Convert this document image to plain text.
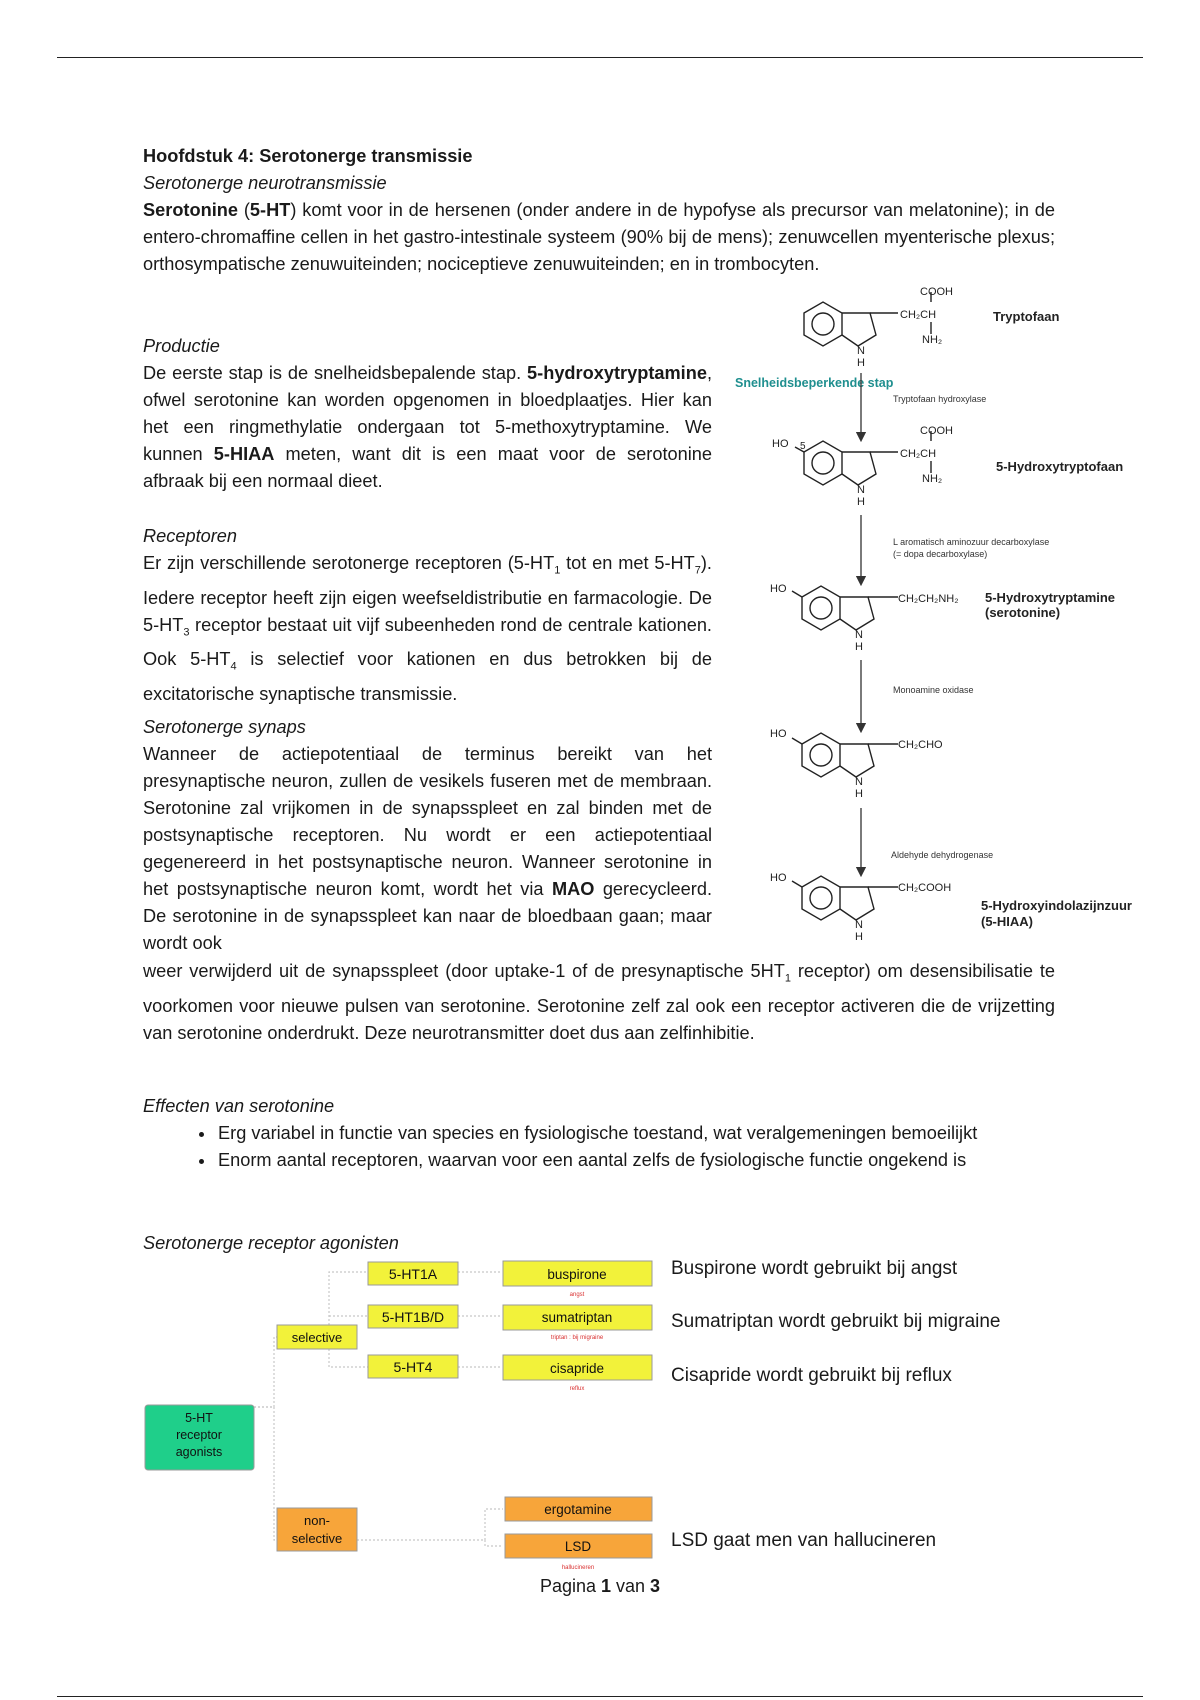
Hoofdstuk 4: Serotonerge transmissie
Serotonerge neurotransmissie
Serotonine (5-HT) komt voor in de hersenen (onder andere in de hypofyse als precursor van melatonine); in de entero-chromaffine cellen in het gastro-intestinale systeem (90% bij de mens); zenuwcellen myenterische plexus; orthosympatische zenuwuiteinden; nociceptieve zenuwuiteinden; en in trombocyten.
Productie
De eerste stap is de snelheidsbepalende stap. 5-hydroxytryptamine, ofwel serotonine kan worden opgenomen in bloedplaatjes. Hier kan het een ringmethylatie ondergaan tot 5-methoxytryptamine. We kunnen 5-HIAA meten, want dit is een maat voor de serotonine afbraak bij een normaal dieet.
Receptoren
Er zijn verschillende serotonerge receptoren ($5-HT_1$ tot en met $5-HT_7$). Iedere receptor heeft zijn eigen weefseldistributie en farmacologie. De $5-HT_3$ receptor bestaat uit vijf subeenheden rond de centrale kationen. Ook $5-HT_4$ is selectief voor kationen en dus betrokken bij de excitatorische synaptische transmissie.
Serotonerge synaps
Wanneer de actiepotentiaal de terminus bereikt van het presynaptische neuron, zullen de vesikels fuseren met de membraan. Serotonine zal vrijkomen in de synapsspleet en zal binden met de postsynaptische receptoren. Nu wordt er een actiepotentiaal gegenereerd in het postsynaptische neuron. Wanneer serotonine in het postsynaptische neuron komt, wordt het via MAO gerecycleerd. De serotonine in de synapsspleet kan naar de bloedbaan gaan; maar wordt ook
weer verwijderd uit de synapsspleet (door uptake-1 of de presynaptische $5HT_1$ receptor) om desensibilisatie te voorkomen voor nieuwe pulsen van serotonine. Serotonine zelf zal ook een receptor activeren die de vrijzetting van serotonine onderdrukt. Deze neurotransmitter doet dus aan zelfinhibitie.
Effecten van serotonine
• Erg variabel in functie van species en fysiologische toestand, wat veralgemeningen bemoeilijkt
• Enorm aantal receptoren, waarvan voor een aantal zelfs de fysiologische functie ongekend is
Serotonerge receptor agonisten
5-HT
receptor
agonists
selective
non-
selective
5-HT1A
5-HT1B/D
5-HT4
buspirone
angst
sumatriptan
triptan : bij migraine
cisapride
reflux
ergotamine
LSD
hallucineren
Buspirone wordt gebruikt bij angst
Sumatriptan wordt gebruikt bij migraine
Cisapride wordt gebruikt bij reflux
LSD gaat men van hallucineren
COOH
CH₂CH
NH₂
N
H
Tryptofaan
Snelheidsbeperkende stap
Tryptofaan hydroxylase
HO 5
COOH
CH₂CH
NH₂
N
H
5-Hydroxytryptofaan
L aromatisch aminozuur decarboxylase
(= dopa decarboxylase)
HO
CH₂CH₂NH₂
N
H
5-Hydroxytryptamine
(serotonine)
Monoamine oxidase
HO
CH₂CHO
N
H
Aldehyde dehydrogenase
HO
CH₂COOH
N
H
5-Hydroxyindolazijnzuur
(5-HIAA)
Pagina 1 van 3
